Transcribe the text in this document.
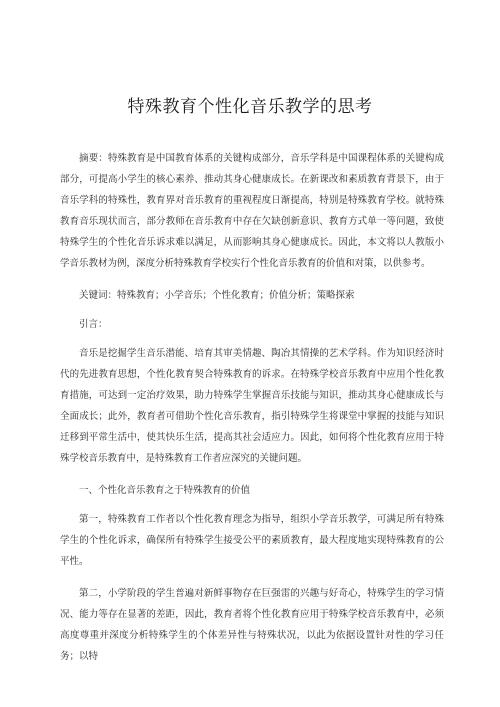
特殊教育个性化音乐教学的思考

摘要：特殊教育是中国教育体系的关键构成部分，音乐学科是中国课程体系的关键构成部分，可提高小学生的核心素养、推动其身心健康成长。在新课改和素质教育背景下，由于音乐学科的特殊性，教育界对音乐教育的重视程度日渐提高，特别是特殊教育学校。就特殊教育音乐现状而言，部分教师在音乐教育中存在欠缺创新意识、教育方式单一等问题，致使特殊学生的个性化音乐诉求难以满足，从而影响其身心健康成长。因此，本文将以人教版小学音乐教材为例，深度分析特殊教育学校实行个性化音乐教育的价值和对策，以供参考。

关键词：特殊教育；小学音乐；个性化教育；价值分析；策略探索

引言：

音乐是挖掘学生音乐潜能、培育其审美情趣、陶冶其情操的艺术学科。作为知识经济时代的先进教育思想，个性化教育契合特殊教育的诉求。在特殊学校音乐教育中应用个性化教育措施，可达到一定治疗效果，助力特殊学生掌握音乐技能与知识，推动其身心健康成长与全面成长；此外，教育者可借助个性化音乐教育，指引特殊学生将课堂中掌握的技能与知识迁移到平常生活中，使其快乐生活，提高其社会适应力。因此，如何将个性化教育应用于特殊学校音乐教育中，是特殊教育工作者应深究的关键问题。

一、个性化音乐教育之于特殊教育的价值

第一，特殊教育工作者以个性化教育理念为指导，组织小学音乐教学，可满足所有特殊学生的个性化诉求，确保所有特殊学生接受公平的素质教育，最大程度地实现特殊教育的公平性。

第二，小学阶段的学生普遍对新鲜事物存在巨强雷的兴趣与好奇心，特殊学生的学习情况、能力等存在显著的差距，因此，教育者将个性化教育应用于特殊学校音乐教育中，必须高度尊重并深度分析特殊学生的个体差异性与特殊状况，以此为依据设置针对性的学习任务；以特
